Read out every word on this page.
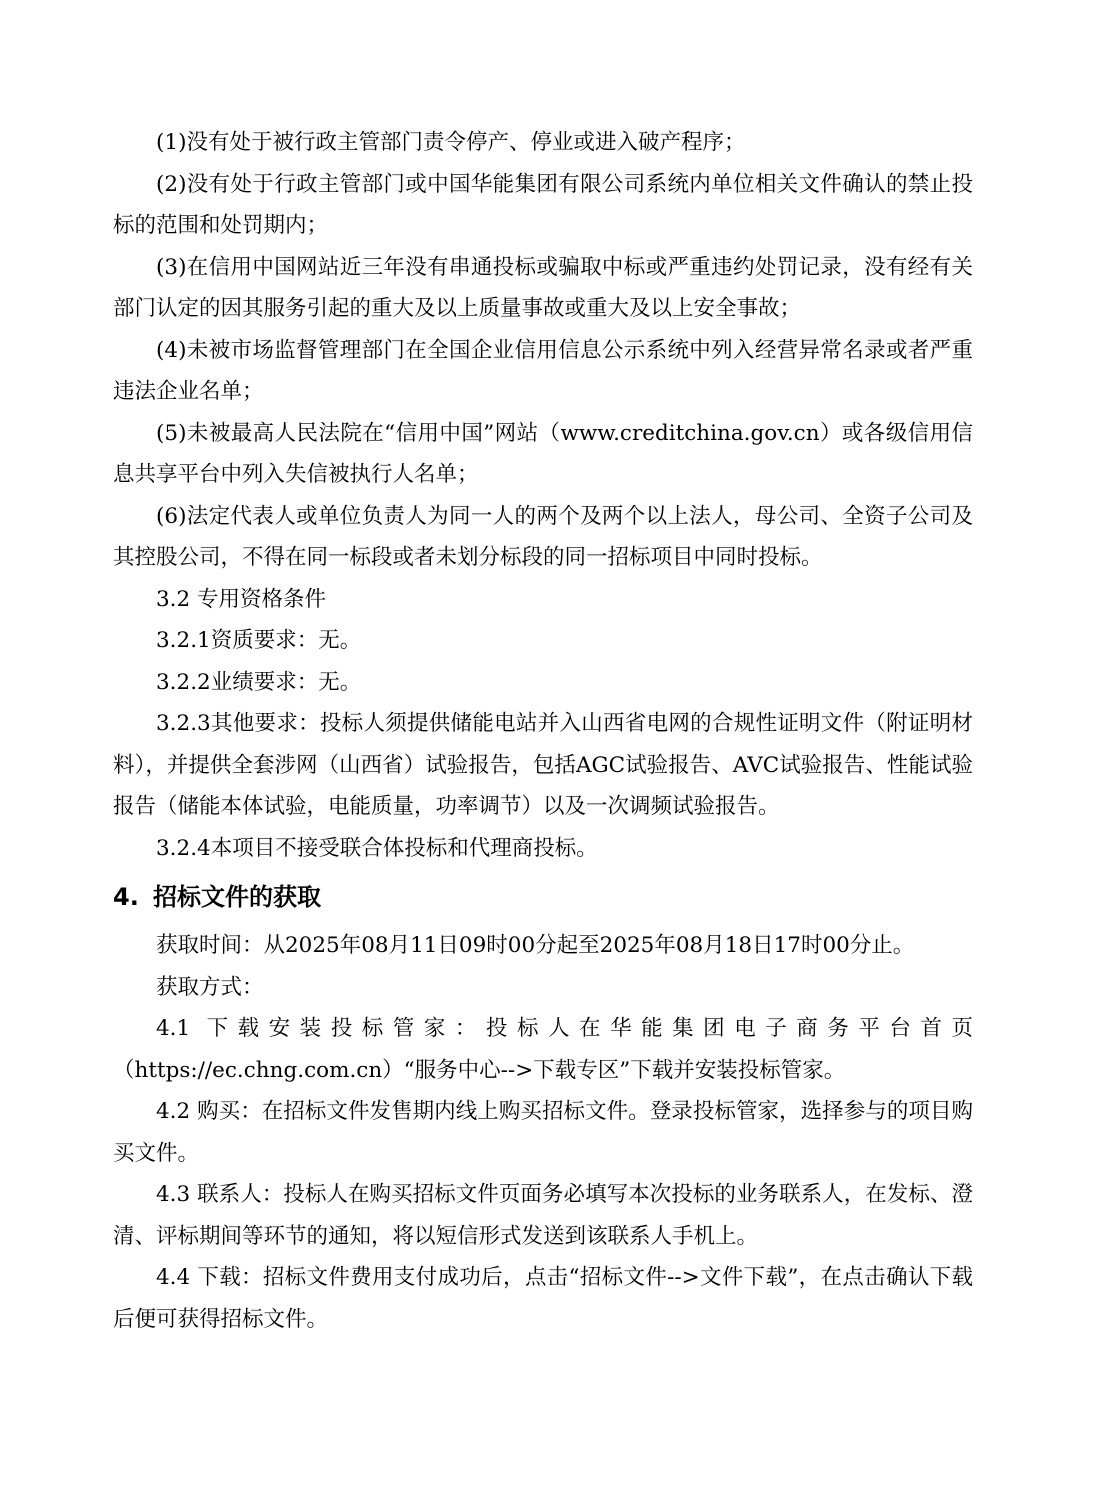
(1)没有处于被行政主管部门责令停产、停业或进入破产程序；

(2)没有处于行政主管部门或中国华能集团有限公司系统内单位相关文件确认的禁止投标的范围和处罚期内；

(3)在信用中国网站近三年没有串通投标或骗取中标或严重违约处罚记录，没有经有关部门认定的因其服务引起的重大及以上质量事故或重大及以上安全事故；

(4)未被市场监督管理部门在全国企业信用信息公示系统中列入经营异常名录或者严重违法企业名单；

(5)未被最高人民法院在“信用中国”网站（www.creditchina.gov.cn）或各级信用信息共享平台中列入失信被执行人名单；

(6)法定代表人或单位负责人为同一人的两个及两个以上法人，母公司、全资子公司及其控股公司，不得在同一标段或者未划分标段的同一招标项目中同时投标。

3.2 专用资格条件

3.2.1资质要求：无。

3.2.2业绩要求：无。

3.2.3其他要求：投标人须提供储能电站并入山西省电网的合规性证明文件（附证明材料），并提供全套涉网（山西省）试验报告，包括AGC试验报告、AVC试验报告、性能试验报告（储能本体试验，电能质量，功率调节）以及一次调频试验报告。

3.2.4本项目不接受联合体投标和代理商投标。

4. 招标文件的获取

获取时间：从2025年08月11日09时00分起至2025年08月18日17时00分止。

获取方式：

4.1 下载安装投标管家：投标人在华能集团电子商务平台首页（https://ec.chng.com.cn）“服务中心-->下载专区”下载并安装投标管家。

4.2 购买：在招标文件发售期内线上购买招标文件。登录投标管家，选择参与的项目购买文件。

4.3 联系人：投标人在购买招标文件页面务必填写本次投标的业务联系人，在发标、澄清、评标期间等环节的通知，将以短信形式发送到该联系人手机上。

4.4 下载：招标文件费用支付成功后，点击“招标文件-->文件下载”，在点击确认下载后便可获得招标文件。
